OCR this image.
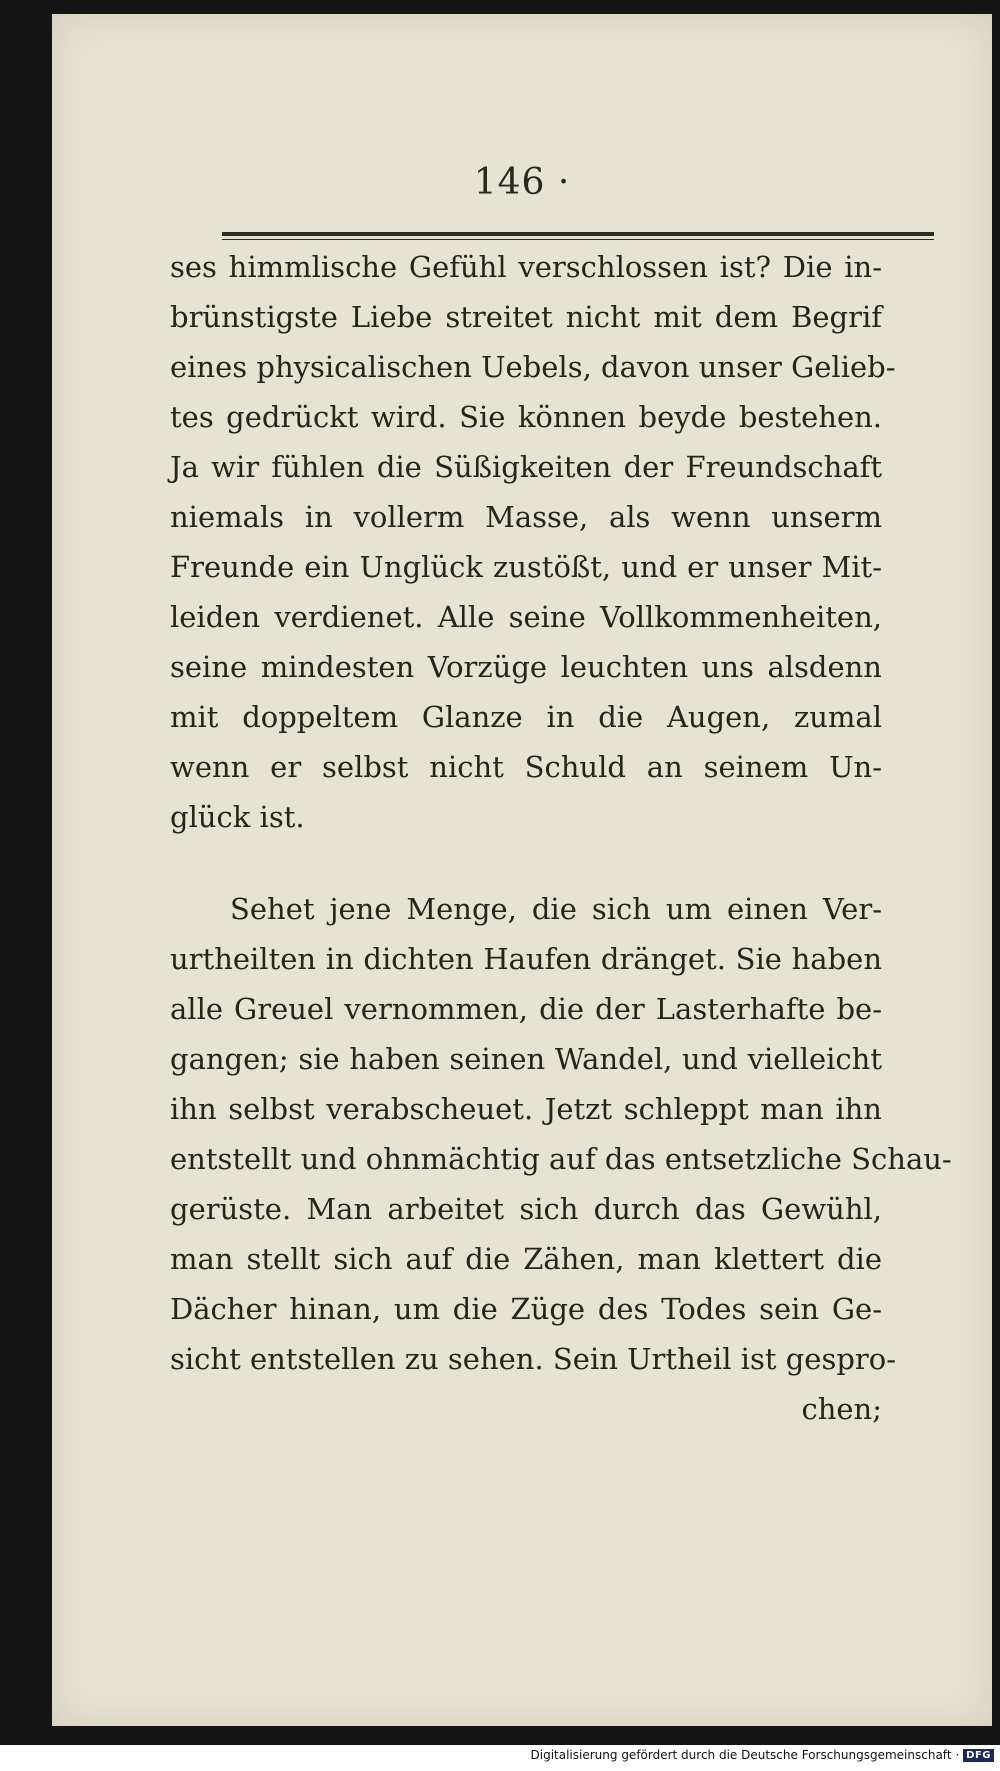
146 ·
ses himmlische Gefühl verschlossen ist? Die in-
brünstigste Liebe streitet nicht mit dem Begrif
eines physicalischen Uebels, davon unser Gelieb-
tes gedrückt wird. Sie können beyde bestehen.
Ja wir fühlen die Süßigkeiten der Freundschaft
niemals in vollerm Masse, als wenn unserm
Freunde ein Unglück zustößt, und er unser Mit-
leiden verdienet. Alle seine Vollkommenheiten,
seine mindesten Vorzüge leuchten uns alsdenn
mit doppeltem Glanze in die Augen, zumal
wenn er selbst nicht Schuld an seinem Un-
glück ist.
Sehet jene Menge, die sich um einen Ver-
urtheilten in dichten Haufen dränget. Sie haben
alle Greuel vernommen, die der Lasterhafte be-
gangen; sie haben seinen Wandel, und vielleicht
ihn selbst verabscheuet. Jetzt schleppt man ihn
entstellt und ohnmächtig auf das entsetzliche Schau-
gerüste. Man arbeitet sich durch das Gewühl,
man stellt sich auf die Zähen, man klettert die
Dächer hinan, um die Züge des Todes sein Ge-
sicht entstellen zu sehen. Sein Urtheil ist gespro-
chen;
Digitalisierung gefördert durch die Deutsche Forschungsgemeinschaft · DFG
